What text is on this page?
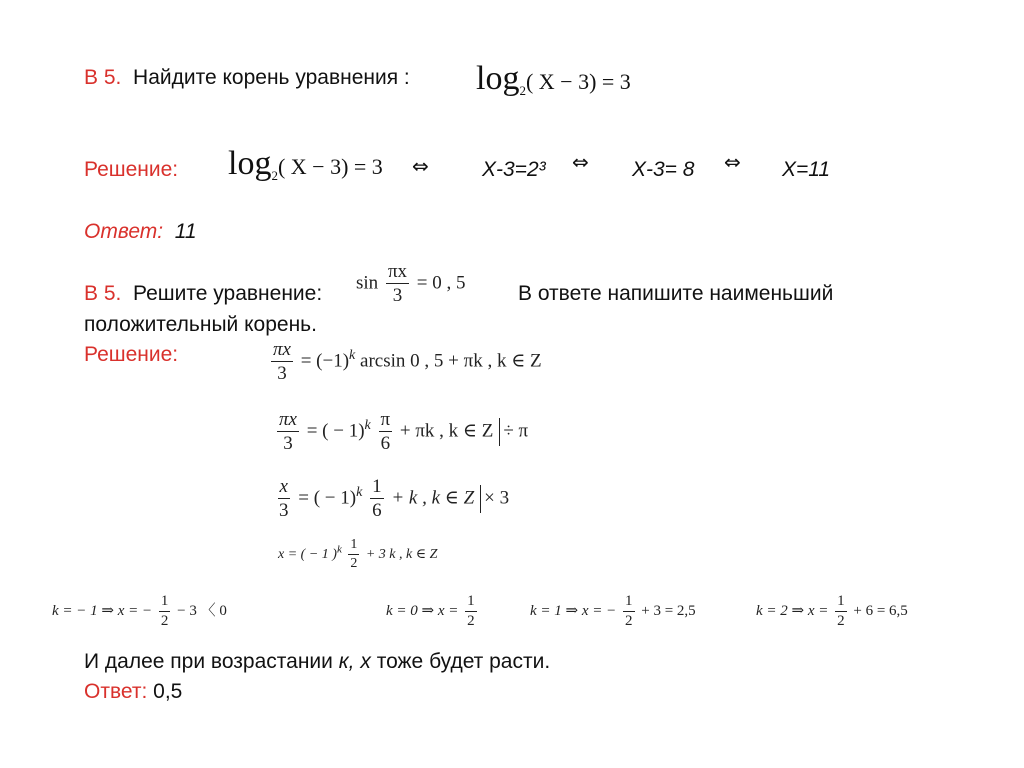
В 5. Найдите корень уравнения : $\log_2$( X − 3) = 3
Решение: $\log_2$( X − 3) = 3 ⇔	X-3=2³ ⇔ X-3= 8 ⇔ X=11
Ответ: 11
В 5. Решите уравнение: $\sin \frac{\pi x}{3} = 0$ , 5	В ответе напишите наименьший
положительный корень.
Решение:	$\frac{\pi x}{3} = (-1)^k$ arcsin 0 , 5 + πk , k ∈ Z
$\frac{\pi x}{3}$ = ( − $1)^k \frac{\pi}{6} + \pi k$ , k ∈ Z ÷ π
$\frac{x}{3}$ = ( − $1)^k \frac{1}{6} + k$ , k ∈ Z × 3
x = ( − 1 )$^k \frac{1}{2} + 3$ k , k ∈ Z
k = − 1 ⇒ x = − $\frac{1}{2} - 3$ 〈 0	k = 0 ⇒ $x = \frac{1}{2}$	k = 1 ⇒ x = − $\frac{1}{2} + 3 = 2,5$	k = 2 ⇒ $x = \frac{1}{2} + 6 = 6,5$
И далее при возрастании к, х тоже будет расти.
Ответ: 0,5
